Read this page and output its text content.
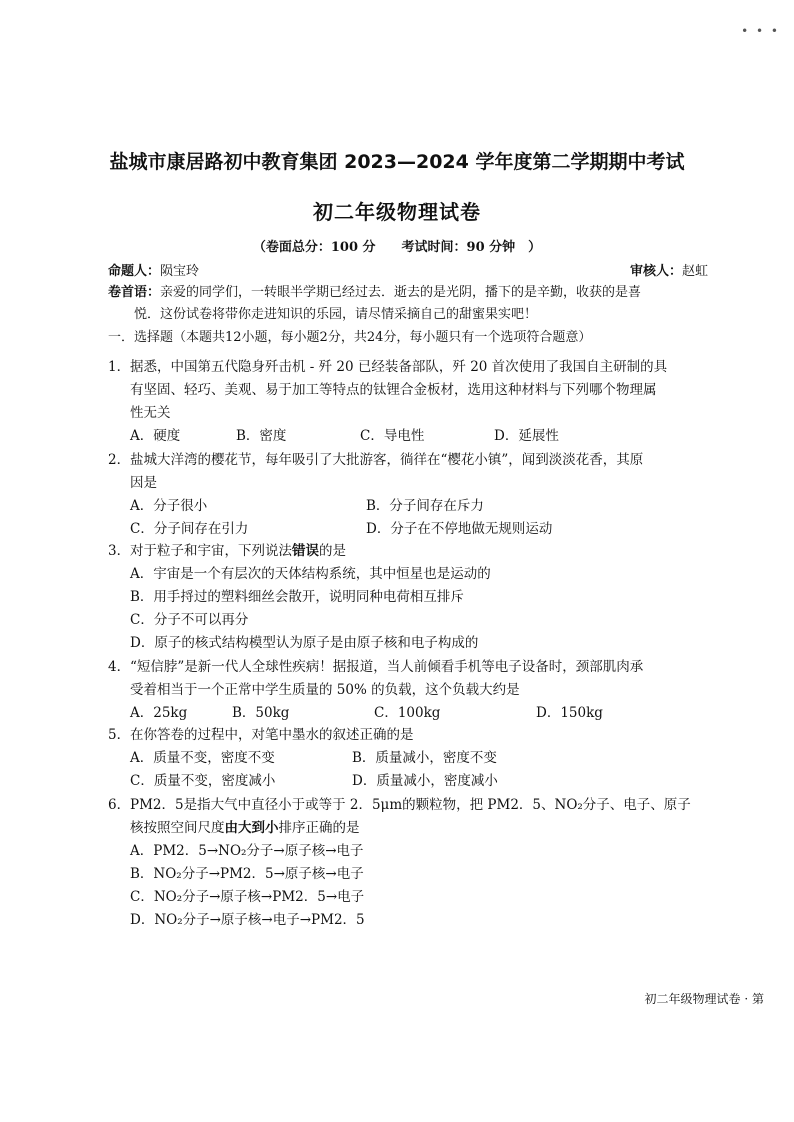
• • •
盐城市康居路初中教育集团 2023—2024 学年度第二学期期中考试
初二年级物理试卷
（卷面总分：100 分　　考试时间：90 分钟　）
命题人：陨宝玲	审核人：赵虹
卷首语：亲爱的同学们，一转眼半学期已经过去．逝去的是光阴，播下的是辛勤，收获的是喜
悦．这份试卷将带你走进知识的乐园，请尽情采摘自己的甜蜜果实吧！
一．选择题（本题共12小题，每小题2分，共24分，每小题只有一个选项符合题意）
1． 据悉，中国第五代隐身歼击机 - 歼 20 已经装备部队，歼 20 首次使用了我国自主研制的具
有坚固、轻巧、美观、易于加工等特点的钛锂合金板材，选用这种材料与下列哪个物理属
性无关
A．硬度	B．密度	C．导电性	D．延展性
2． 盐城大洋湾的樱花节，每年吸引了大批游客，徜徉在“樱花小镇”，闻到淡淡花香，其原
因是
A．分子很小	B．分子间存在斥力
C．分子间存在引力	D．分子在不停地做无规则运动
3． 对于粒子和宇宙，下列说法错误的是
A．宇宙是一个有层次的天体结构系统，其中恒星也是运动的
B．用手捋过的塑料细丝会散开，说明同种电荷相互排斥
C．分子不可以再分
D．原子的核式结构模型认为原子是由原子核和电子构成的
4． “短信脖”是新一代人全球性疾病！据报道，当人前倾看手机等电子设备时，颈部肌肉承
受着相当于一个正常中学生质量的 50% 的负载，这个负载大约是
A．25kg	B．50kg	C．100kg	D．150kg
5． 在你答卷的过程中，对笔中墨水的叙述正确的是
A．质量不变，密度不变	B．质量减小，密度不变
C．质量不变，密度减小	D．质量减小，密度减小
6． PM2．5是指大气中直径小于或等于 2．5μm的颗粒物，把 PM2．5、NO₂分子、电子、原子
核按照空间尺度由大到小排序正确的是
A．PM2．5→NO₂分子→原子核→电子
B．NO₂分子→PM2．5→原子核→电子
C．NO₂分子→原子核→PM2．5→电子
D．NO₂分子→原子核→电子→PM2．5
初二年级物理试卷 · 第
